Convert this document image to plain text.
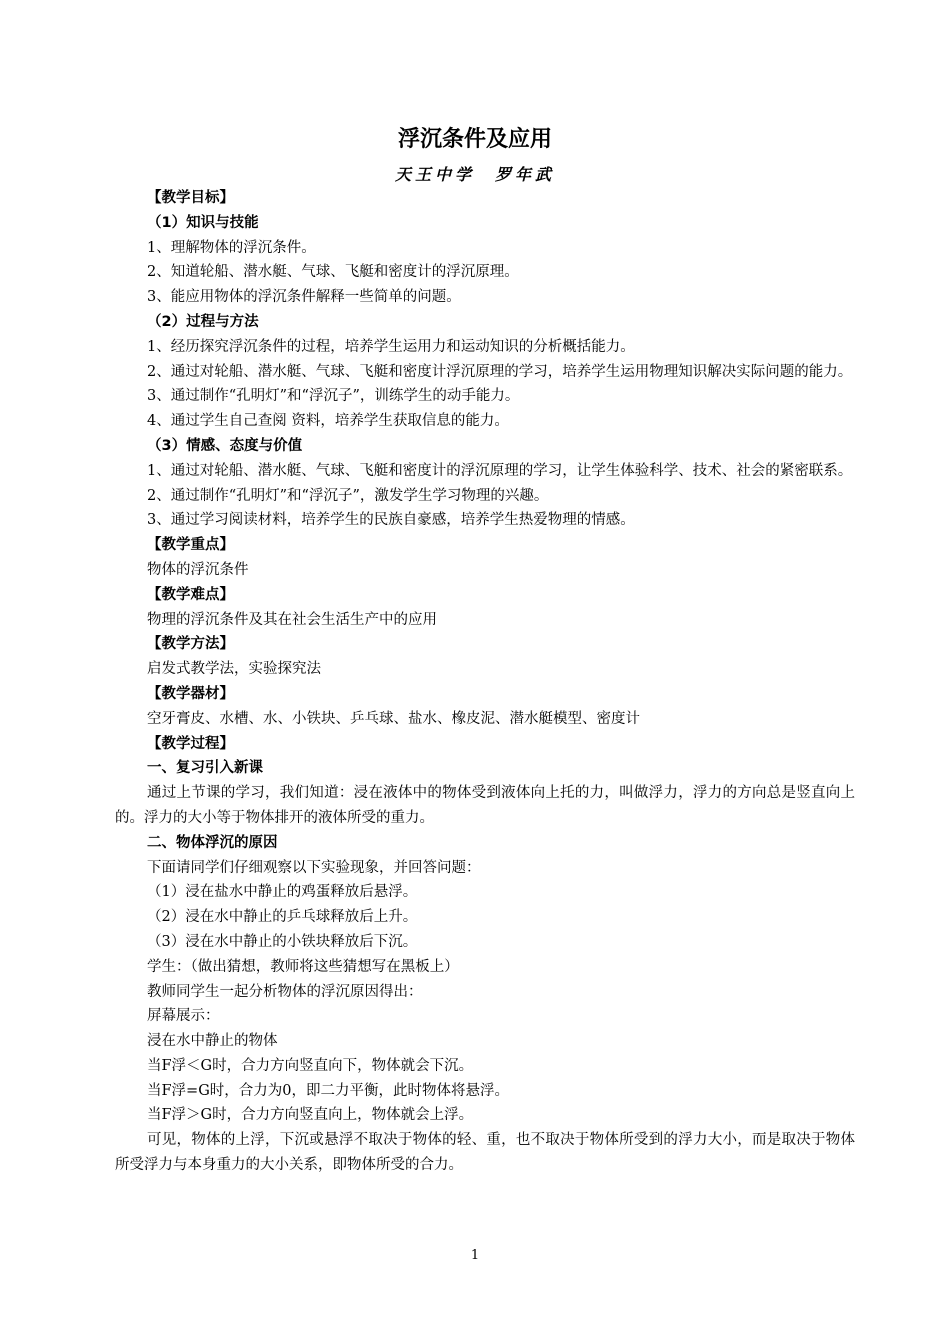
浮沉条件及应用
天王中学　罗年武
【教学目标】
（1）知识与技能
1、理解物体的浮沉条件。
2、知道轮船、潜水艇、气球、飞艇和密度计的浮沉原理。
3、能应用物体的浮沉条件解释一些简单的问题。
（2）过程与方法
1、经历探究浮沉条件的过程，培养学生运用力和运动知识的分析概括能力。
2、通过对轮船、潜水艇、气球、飞艇和密度计浮沉原理的学习，培养学生运用物理知识解决实际问题的能力。
3、通过制作“孔明灯”和“浮沉子”，训练学生的动手能力。
4、通过学生自己查阅 资料，培养学生获取信息的能力。
（3）情感、态度与价值
1、通过对轮船、潜水艇、气球、飞艇和密度计的浮沉原理的学习，让学生体验科学、技术、社会的紧密联系。
2、通过制作“孔明灯”和“浮沉子”，激发学生学习物理的兴趣。
3、通过学习阅读材料，培养学生的民族自豪感，培养学生热爱物理的情感。
【教学重点】
物体的浮沉条件
【教学难点】
物理的浮沉条件及其在社会生活生产中的应用
【教学方法】
启发式教学法，实验探究法
【教学器材】
空牙膏皮、水槽、水、小铁块、乒乓球、盐水、橡皮泥、潜水艇模型、密度计
【教学过程】
一、复习引入新课
通过上节课的学习，我们知道：浸在液体中的物体受到液体向上托的力，叫做浮力，浮力的方向总是竖直向上的。浮力的大小等于物体排开的液体所受的重力。
二、物体浮沉的原因
下面请同学们仔细观察以下实验现象，并回答问题：
（1）浸在盐水中静止的鸡蛋释放后悬浮。
（2）浸在水中静止的乒乓球释放后上升。
（3）浸在水中静止的小铁块释放后下沉。
学生：（做出猜想，教师将这些猜想写在黑板上）
教师同学生一起分析物体的浮沉原因得出：
屏幕展示：
浸在水中静止的物体
当F浮＜G时，合力方向竖直向下，物体就会下沉。
当F浮=G时，合力为0，即二力平衡，此时物体将悬浮。
当F浮＞G时，合力方向竖直向上，物体就会上浮。
可见，物体的上浮，下沉或悬浮不取决于物体的轻、重，也不取决于物体所受到的浮力大小，而是取决于物体所受浮力与本身重力的大小关系，即物体所受的合力。
1
